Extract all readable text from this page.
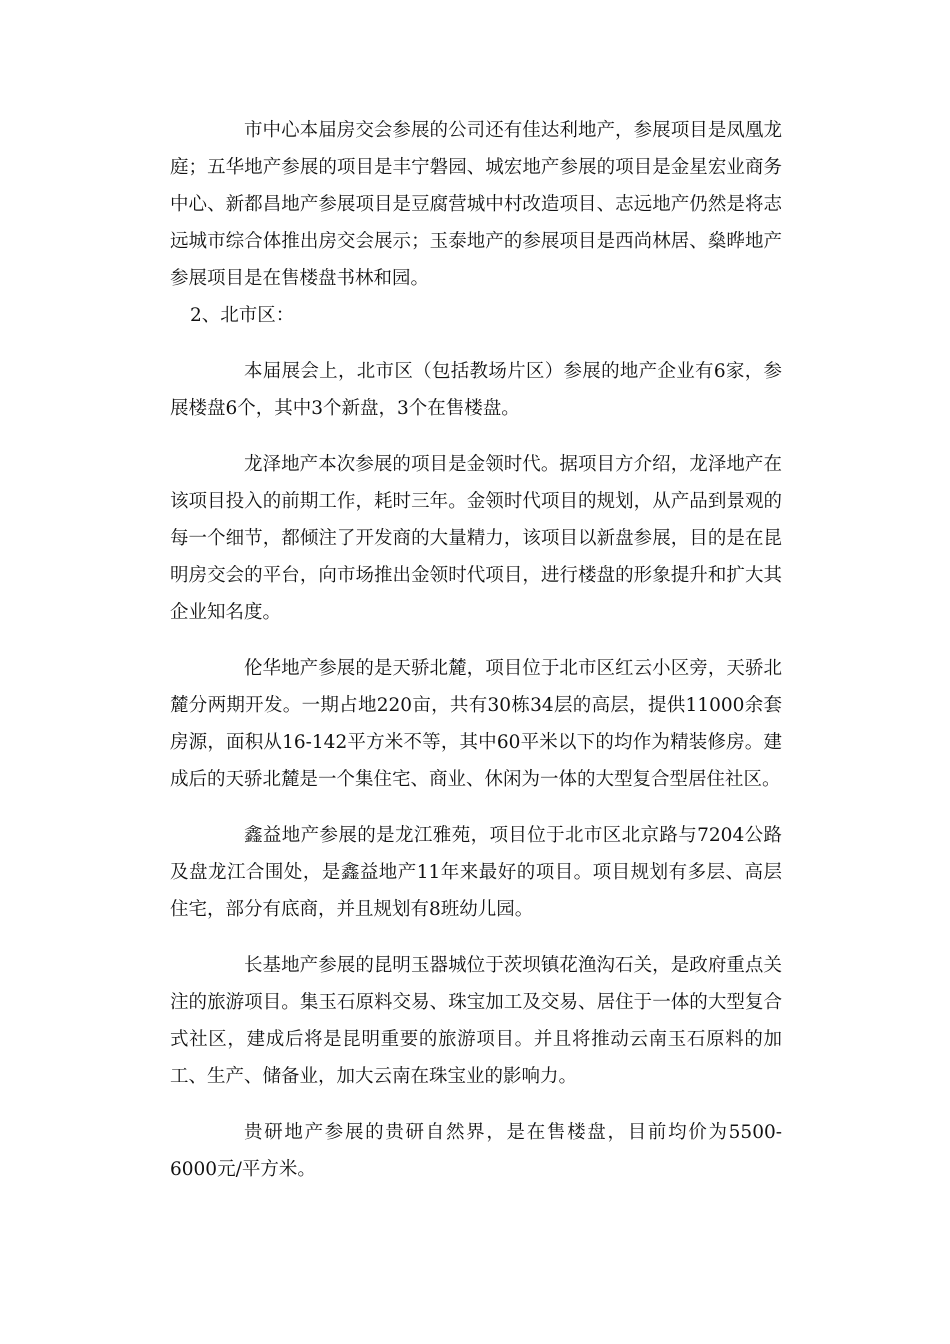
市中心本届房交会参展的公司还有佳达利地产，参展项目是凤凰龙庭；五华地产参展的项目是丰宁磐园、城宏地产参展的项目是金星宏业商务中心、新都昌地产参展项目是豆腐营城中村改造项目、志远地产仍然是将志远城市综合体推出房交会展示；玉泰地产的参展项目是西尚林居、燊晔地产参展项目是在售楼盘书林和园。

2、北市区：

本届展会上，北市区（包括教场片区）参展的地产企业有6家，参展楼盘6个，其中3个新盘，3个在售楼盘。

龙泽地产本次参展的项目是金领时代。据项目方介绍，龙泽地产在该项目投入的前期工作，耗时三年。金领时代项目的规划，从产品到景观的每一个细节，都倾注了开发商的大量精力，该项目以新盘参展，目的是在昆明房交会的平台，向市场推出金领时代项目，进行楼盘的形象提升和扩大其企业知名度。

伦华地产参展的是天骄北麓，项目位于北市区红云小区旁，天骄北麓分两期开发。一期占地220亩，共有30栋34层的高层，提供11000余套房源，面积从16-142平方米不等，其中60平米以下的均作为精装修房。建成后的天骄北麓是一个集住宅、商业、休闲为一体的大型复合型居住社区。

鑫益地产参展的是龙江雅苑，项目位于北市区北京路与7204公路及盘龙江合围处，是鑫益地产11年来最好的项目。项目规划有多层、高层住宅，部分有底商，并且规划有8班幼儿园。

长基地产参展的昆明玉器城位于茨坝镇花渔沟石关，是政府重点关注的旅游项目。集玉石原料交易、珠宝加工及交易、居住于一体的大型复合式社区，建成后将是昆明重要的旅游项目。并且将推动云南玉石原料的加工、生产、储备业，加大云南在珠宝业的影响力。

贵研地产参展的贵研自然界，是在售楼盘，目前均价为5500-6000元/平方米。
